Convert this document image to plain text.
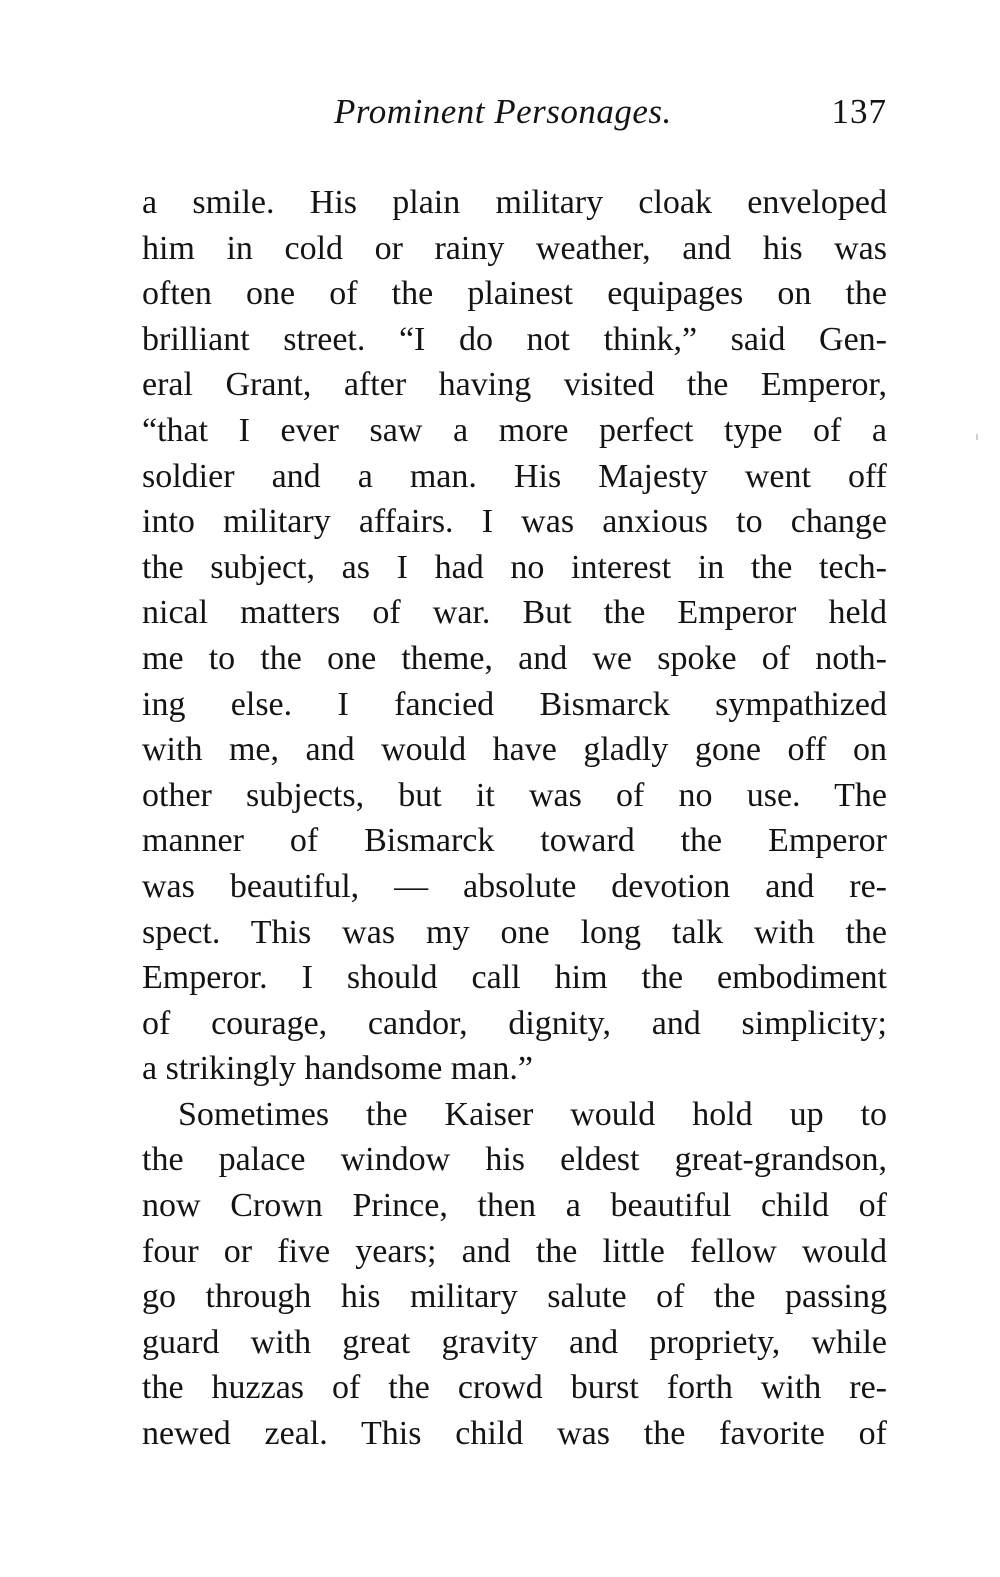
Prominent Personages.	137
a smile. His plain military cloak enveloped
him in cold or rainy weather, and his was
often one of the plainest equipages on the
brilliant street. “I do not think,” said Gen-
eral Grant, after having visited the Emperor,
“that I ever saw a more perfect type of a
soldier and a man. His Majesty went off
into military affairs. I was anxious to change
the subject, as I had no interest in the tech-
nical matters of war. But the Emperor held
me to the one theme, and we spoke of noth-
ing else. I fancied Bismarck sympathized
with me, and would have gladly gone off on
other subjects, but it was of no use. The
manner of Bismarck toward the Emperor
was beautiful, — absolute devotion and re-
spect. This was my one long talk with the
Emperor. I should call him the embodiment
of courage, candor, dignity, and simplicity;
a strikingly handsome man.”
Sometimes the Kaiser would hold up to
the palace window his eldest great-grandson,
now Crown Prince, then a beautiful child of
four or five years; and the little fellow would
go through his military salute of the passing
guard with great gravity and propriety, while
the huzzas of the crowd burst forth with re-
newed zeal. This child was the favorite of
